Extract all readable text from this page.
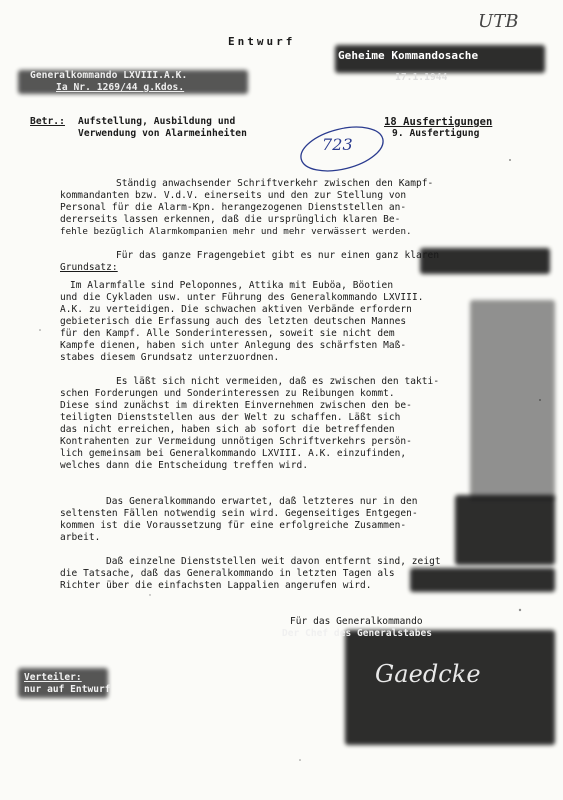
Entwurf
Geheime Kommandosache
UTB
Generalkommando LXVIII.A.K.
Ia Nr. 1269/44 g.Kdos.
17.1.1944
Betr.: Aufstellung, Ausbildung und
Verwendung von Alarmeinheiten
18 Ausfertigungen
9. Ausfertigung
723
Ständig anwachsender Schriftverkehr zwischen den Kampf-
kommandanten bzw. V.d.V. einerseits und den zur Stellung von
Personal für die Alarm-Kpn. herangezogenen Dienststellen an-
dererseits lassen erkennen, daß die ursprünglich klaren Be-
fehle bezüglich Alarmkompanien mehr und mehr verwässert werden.
Für das ganze Fragengebiet gibt es nur einen ganz klaren
Grundsatz:
Im Alarmfalle sind Peloponnes, Attika mit Euböa, Böotien
und die Cykladen usw. unter Führung des Generalkommando LXVIII.
A.K. zu verteidigen. Die schwachen aktiven Verbände erfordern
gebieterisch die Erfassung auch des letzten deutschen Mannes
für den Kampf. Alle Sonderinteressen, soweit sie nicht dem
Kampfe dienen, haben sich unter Anlegung des schärfsten Maß-
stabes diesem Grundsatz unterzuordnen.
Es läßt sich nicht vermeiden, daß es zwischen den takti-
schen Forderungen und Sonderinteressen zu Reibungen kommt.
Diese sind zunächst im direkten Einvernehmen zwischen den be-
teiligten Dienststellen aus der Welt zu schaffen. Läßt sich
das nicht erreichen, haben sich ab sofort die betreffenden
Kontrahenten zur Vermeidung unnötigen Schriftverkehrs persön-
lich gemeinsam bei Generalkommando LXVIII. A.K. einzufinden,
welches dann die Entscheidung treffen wird.
Das Generalkommando erwartet, daß letzteres nur in den
seltensten Fällen notwendig sein wird. Gegenseitiges Entgegen-
kommen ist die Voraussetzung für eine erfolgreiche Zusammen-
arbeit.
Daß einzelne Dienststellen weit davon entfernt sind, zeigt
die Tatsache, daß das Generalkommando in letzten Tagen als
Richter über die einfachsten Lappalien angerufen wird.
Für das Generalkommando
Der Chef des Generalstabes
Gaedcke
Verteiler:
nur auf Entwurf
